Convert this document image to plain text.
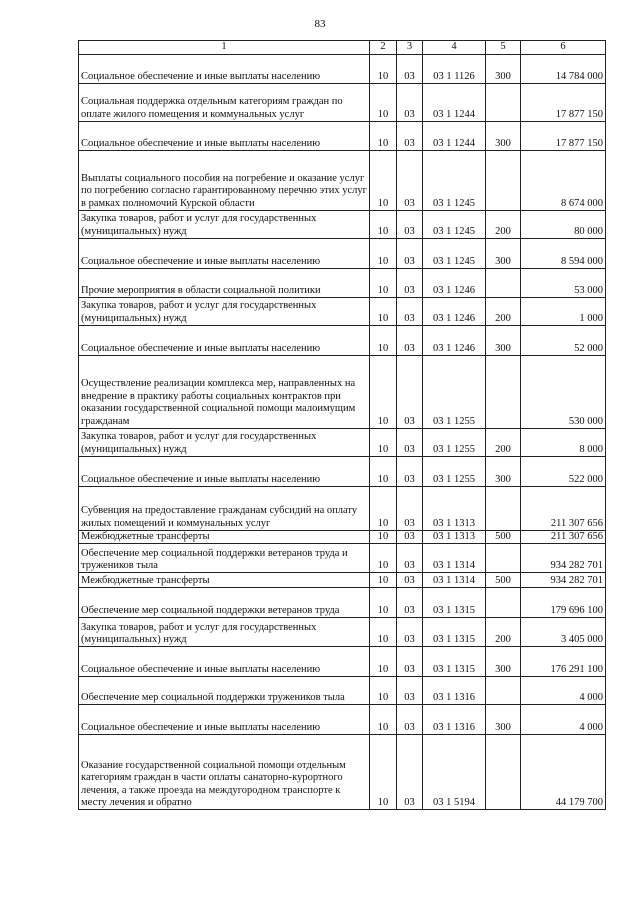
83
1	2	3	4	5	6
Социальное обеспечение и иные выплаты населению	10	03	03 1 1126	300	14 784 000
Социальная поддержка отдельным категориям граждан по оплате жилого помещения и коммунальных услуг	10	03	03 1 1244		17 877 150
Социальное обеспечение и иные выплаты населению	10	03	03 1 1244	300	17 877 150
Выплаты социального пособия на погребение и оказание услуг по погребению согласно гарантированному перечню этих услуг в рамках полномочий Курской области	10	03	03 1 1245		8 674 000
Закупка товаров, работ и услуг для государственных (муниципальных) нужд	10	03	03 1 1245	200	80 000
Социальное обеспечение и иные выплаты населению	10	03	03 1 1245	300	8 594 000
Прочие мероприятия в области социальной политики	10	03	03 1 1246		53 000
Закупка товаров, работ и услуг для государственных (муниципальных) нужд	10	03	03 1 1246	200	1 000
Социальное обеспечение и иные выплаты населению	10	03	03 1 1246	300	52 000
Осуществление реализации комплекса мер, направленных на внедрение в практику работы социальных контрактов при оказании государственной социальной помощи малоимущим гражданам	10	03	03 1 1255		530 000
Закупка товаров, работ и услуг для государственных (муниципальных) нужд	10	03	03 1 1255	200	8 000
Социальное обеспечение и иные выплаты населению	10	03	03 1 1255	300	522 000
Субвенция на предоставление гражданам субсидий на оплату жилых помещений и коммунальных услуг	10	03	03 1 1313		211 307 656
Межбюджетные трансферты	10	03	03 1 1313	500	211 307 656
Обеспечение мер социальной поддержки ветеранов труда и тружеников тыла	10	03	03 1 1314		934 282 701
Межбюджетные трансферты	10	03	03 1 1314	500	934 282 701
Обеспечение мер социальной поддержки ветеранов труда	10	03	03 1 1315		179 696 100
Закупка товаров, работ и услуг для государственных (муниципальных) нужд	10	03	03 1 1315	200	3 405 000
Социальное обеспечение и иные выплаты населению	10	03	03 1 1315	300	176 291 100
Обеспечение мер социальной поддержки тружеников тыла	10	03	03 1 1316		4 000
Социальное обеспечение и иные выплаты населению	10	03	03 1 1316	300	4 000
Оказание государственной социальной помощи отдельным категориям граждан в части оплаты санаторно-курортного лечения, а также проезда на междугородном транспорте к месту лечения и обратно	10	03	03 1 5194		44 179 700
